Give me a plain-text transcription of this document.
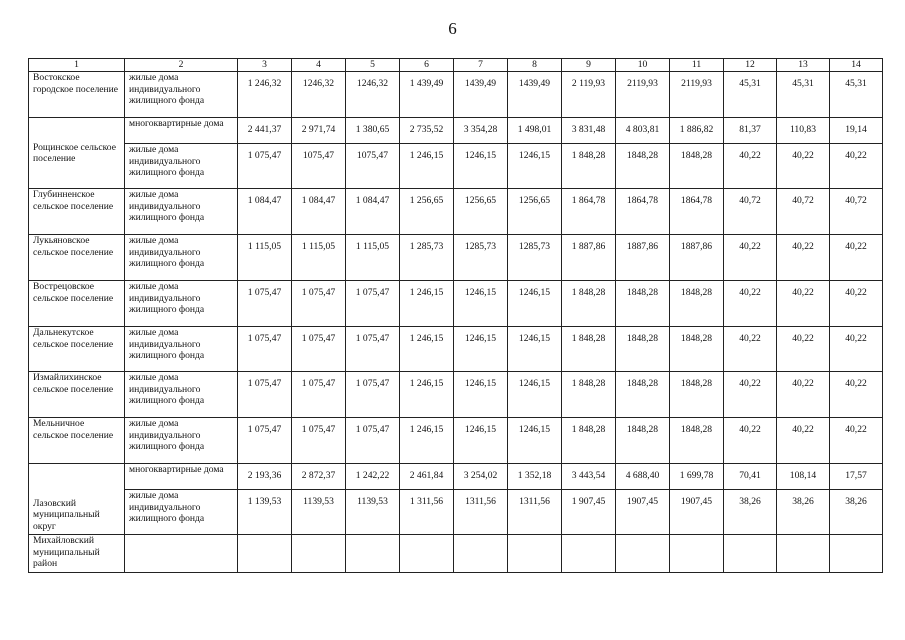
6
1	2	3	4	5	6	7	8	9	10	11	12	13	14
Востокское городское поселение	жилые дома индивидуального жилищного фонда	1 246,32	1246,32	1246,32	1 439,49	1439,49	1439,49	2 119,93	2119,93	2119,93	45,31	45,31	45,31
Рощинское сельское поселение	многоквартирные дома	2 441,37	2 971,74	1 380,65	2 735,52	3 354,28	1 498,01	3 831,48	4 803,81	1 886,82	81,37	110,83	19,14
	жилые дома индивидуального жилищного фонда	1 075,47	1075,47	1075,47	1 246,15	1246,15	1246,15	1 848,28	1848,28	1848,28	40,22	40,22	40,22
Глубинненское сельское поселение	жилые дома индивидуального жилищного фонда	1 084,47	1 084,47	1 084,47	1 256,65	1256,65	1256,65	1 864,78	1864,78	1864,78	40,72	40,72	40,72
Лукьяновское сельское поселение	жилые дома индивидуального жилищного фонда	1 115,05	1 115,05	1 115,05	1 285,73	1285,73	1285,73	1 887,86	1887,86	1887,86	40,22	40,22	40,22
Вострецовское сельское поселение	жилые дома индивидуального жилищного фонда	1 075,47	1 075,47	1 075,47	1 246,15	1246,15	1246,15	1 848,28	1848,28	1848,28	40,22	40,22	40,22
Дальнекутское сельское поселение	жилые дома индивидуального жилищного фонда	1 075,47	1 075,47	1 075,47	1 246,15	1246,15	1246,15	1 848,28	1848,28	1848,28	40,22	40,22	40,22
Измайлихинское сельское поселение	жилые дома индивидуального жилищного фонда	1 075,47	1 075,47	1 075,47	1 246,15	1246,15	1246,15	1 848,28	1848,28	1848,28	40,22	40,22	40,22
Мельничное сельское поселение	жилые дома индивидуального жилищного фонда	1 075,47	1 075,47	1 075,47	1 246,15	1246,15	1246,15	1 848,28	1848,28	1848,28	40,22	40,22	40,22
Лазовский муниципальный округ	многоквартирные дома	2 193,36	2 872,37	1 242,22	2 461,84	3 254,02	1 352,18	3 443,54	4 688,40	1 699,78	70,41	108,14	17,57
	жилые дома индивидуального жилищного фонда	1 139,53	1139,53	1139,53	1 311,56	1311,56	1311,56	1 907,45	1907,45	1907,45	38,26	38,26	38,26
Михайловский муниципальный район													
